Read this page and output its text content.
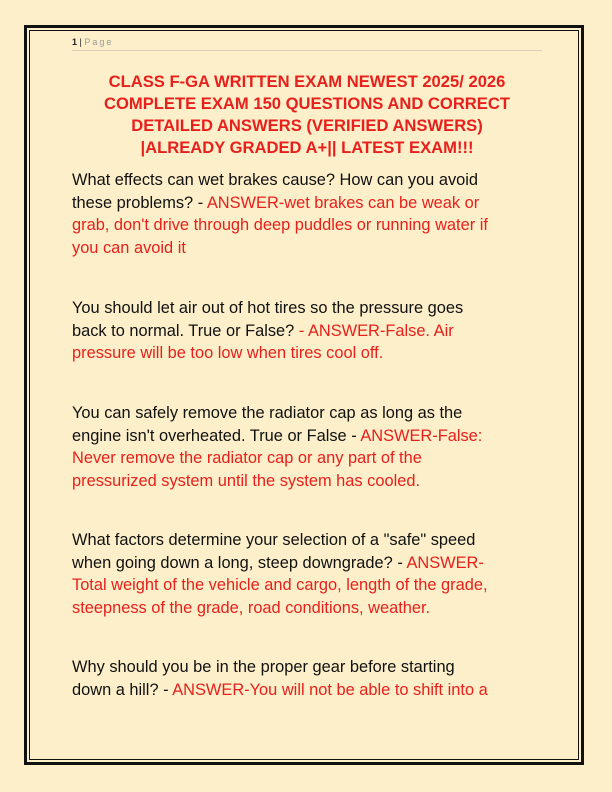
1 | Page
CLASS F-GA WRITTEN EXAM NEWEST 2025/ 2026
COMPLETE EXAM 150 QUESTIONS AND CORRECT
DETAILED ANSWERS (VERIFIED ANSWERS)
|ALREADY GRADED A+|| LATEST EXAM!!!
What effects can wet brakes cause? How can you avoid
these problems? - ANSWER-wet brakes can be weak or
grab, don't drive through deep puddles or running water if
you can avoid it
You should let air out of hot tires so the pressure goes
back to normal. True or False? - ANSWER-False. Air
pressure will be too low when tires cool off.
You can safely remove the radiator cap as long as the
engine isn't overheated. True or False - ANSWER-False:
Never remove the radiator cap or any part of the
pressurized system until the system has cooled.
What factors determine your selection of a "safe" speed
when going down a long, steep downgrade? - ANSWER-
Total weight of the vehicle and cargo, length of the grade,
steepness of the grade, road conditions, weather.
Why should you be in the proper gear before starting
down a hill? - ANSWER-You will not be able to shift into a
